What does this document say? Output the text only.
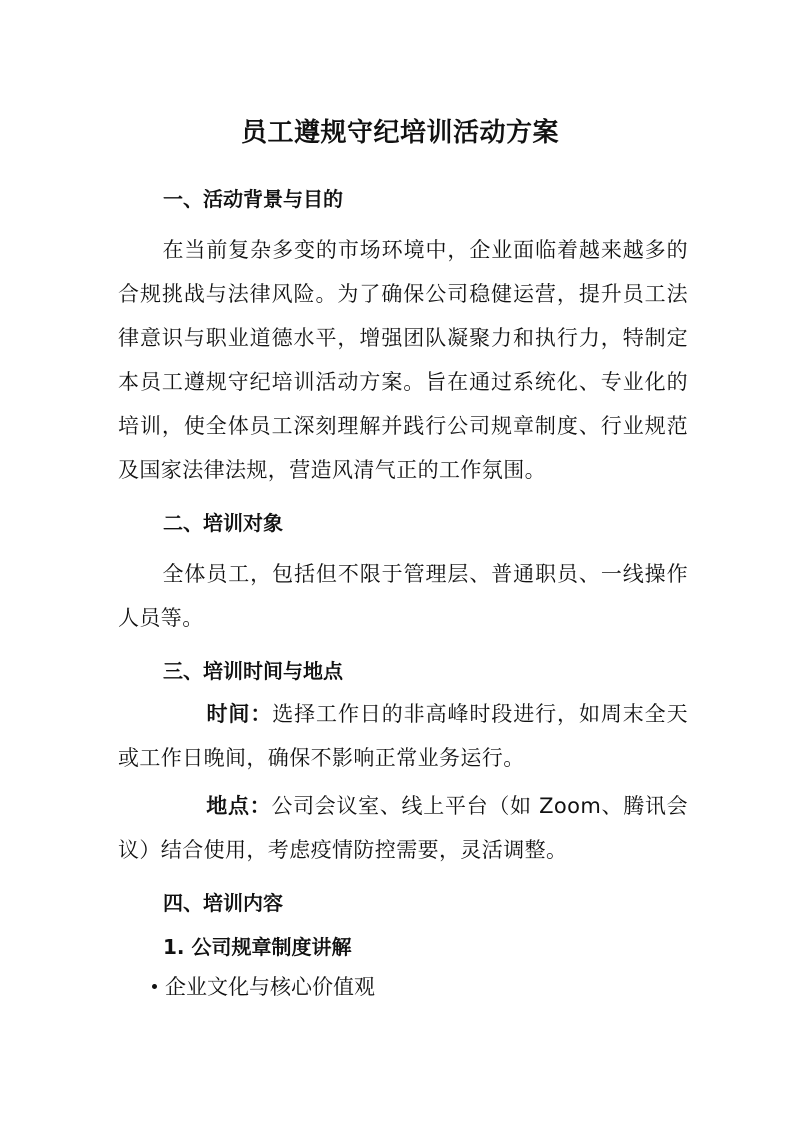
员工遵规守纪培训活动方案
一、活动背景与目的
在当前复杂多变的市场环境中，企业面临着越来越多的合规挑战与法律风险。为了确保公司稳健运营，提升员工法律意识与职业道德水平，增强团队凝聚力和执行力，特制定本员工遵规守纪培训活动方案。旨在通过系统化、专业化的培训，使全体员工深刻理解并践行公司规章制度、行业规范及国家法律法规，营造风清气正的工作氛围。
二、培训对象
全体员工，包括但不限于管理层、普通职员、一线操作人员等。
三、培训时间与地点
时间：选择工作日的非高峰时段进行，如周末全天或工作日晚间，确保不影响正常业务运行。
地点：公司会议室、线上平台（如 Zoom、腾讯会议）结合使用，考虑疫情防控需要，灵活调整。
四、培训内容
1. 公司规章制度讲解
企业文化与核心价值观
